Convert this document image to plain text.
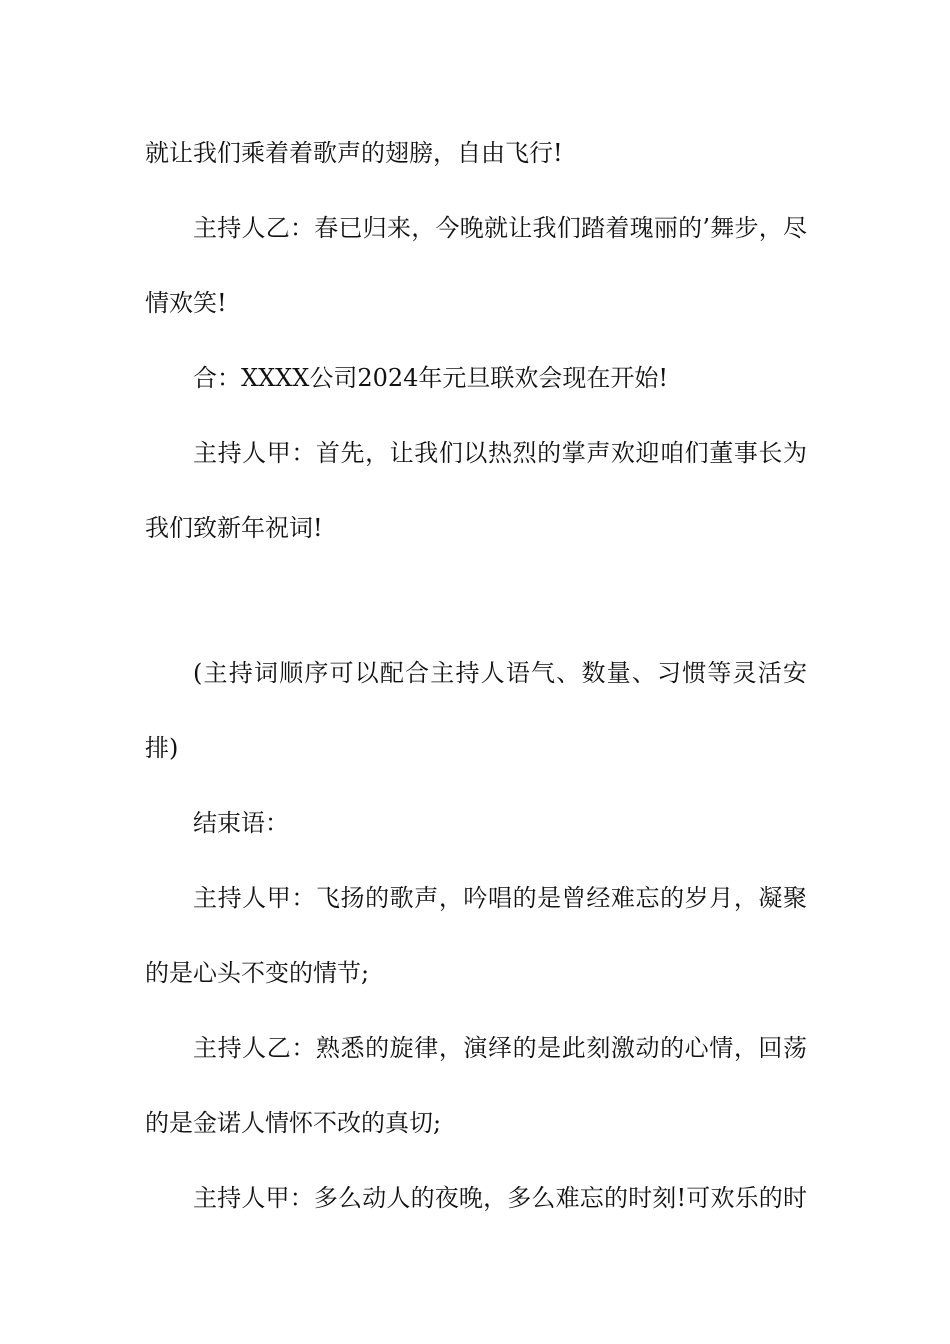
就让我们乘着着歌声的翅膀，自由飞行!
主持人乙：春已归来，今晚就让我们踏着瑰丽的’舞步，尽
情欢笑!
合：XXXX公司2024年元旦联欢会现在开始!
主持人甲：首先，让我们以热烈的掌声欢迎咱们董事长为
我们致新年祝词!
(主持词顺序可以配合主持人语气、数量、习惯等灵活安
排)
结束语：
主持人甲：飞扬的歌声，吟唱的是曾经难忘的岁月，凝聚
的是心头不变的情节;
主持人乙：熟悉的旋律，演绎的是此刻激动的心情，回荡
的是金诺人情怀不改的真切;
主持人甲：多么动人的夜晚，多么难忘的时刻!可欢乐的时
